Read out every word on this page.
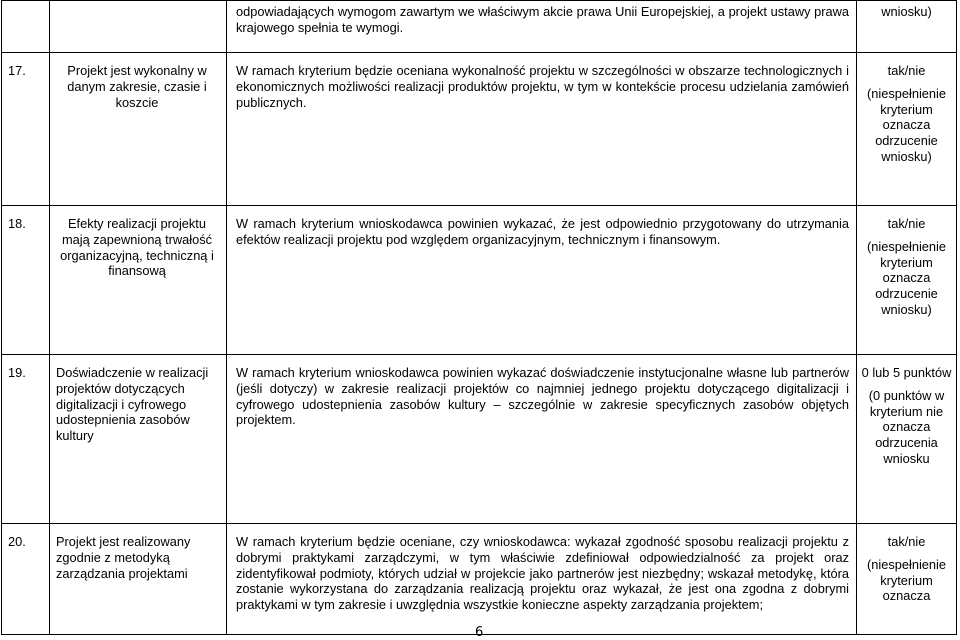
		odpowiadających wymogom zawartym we właściwym akcie prawa Unii Europejskiej, a projekt ustawy prawa krajowego spełnia te wymogi.	wniosku)

17.	Projekt jest wykonalny w danym zakresie, czasie i koszcie	W ramach kryterium będzie oceniana wykonalność projektu w szczególności w obszarze technologicznych i ekonomicznych możliwości realizacji produktów projektu, w tym w kontekście procesu udzielania zamówień publicznych.	tak/nie
(niespełnienie kryterium oznacza odrzucenie wniosku)

18.	Efekty realizacji projektu mają zapewnioną trwałość organizacyjną, techniczną i finansową	W ramach kryterium wnioskodawca powinien wykazać, że jest odpowiednio przygotowany do utrzymania efektów realizacji projektu pod względem organizacyjnym, technicznym i finansowym.	tak/nie
(niespełnienie kryterium oznacza odrzucenie wniosku)

19.	Doświadczenie w realizacji projektów dotyczących digitalizacji i cyfrowego udostepnienia zasobów kultury	W ramach kryterium wnioskodawca powinien wykazać doświadczenie instytucjonalne własne lub partnerów (jeśli dotyczy) w zakresie realizacji projektów co najmniej jednego projektu dotyczącego digitalizacji i cyfrowego udostepnienia zasobów kultury – szczególnie w zakresie specyficznych zasobów objętych projektem.	0 lub 5 punktów
(0 punktów w kryterium nie oznacza odrzucenia wniosku

20.	Projekt jest realizowany zgodnie z metodyką zarządzania projektami	W ramach kryterium będzie oceniane, czy wnioskodawca: wykazał zgodność sposobu realizacji projektu z dobrymi praktykami zarządczymi, w tym właściwie zdefiniował odpowiedzialność za projekt oraz zidentyfikował podmioty, których udział w projekcie jako partnerów jest niezbędny; wskazał metodykę, która zostanie wykorzystana do zarządzania realizacją projektu oraz wykazał, że jest ona zgodna z dobrymi praktykami w tym zakresie i uwzględnia wszystkie konieczne aspekty zarządzania projektem;	tak/nie
(niespełnienie kryterium oznacza
6
